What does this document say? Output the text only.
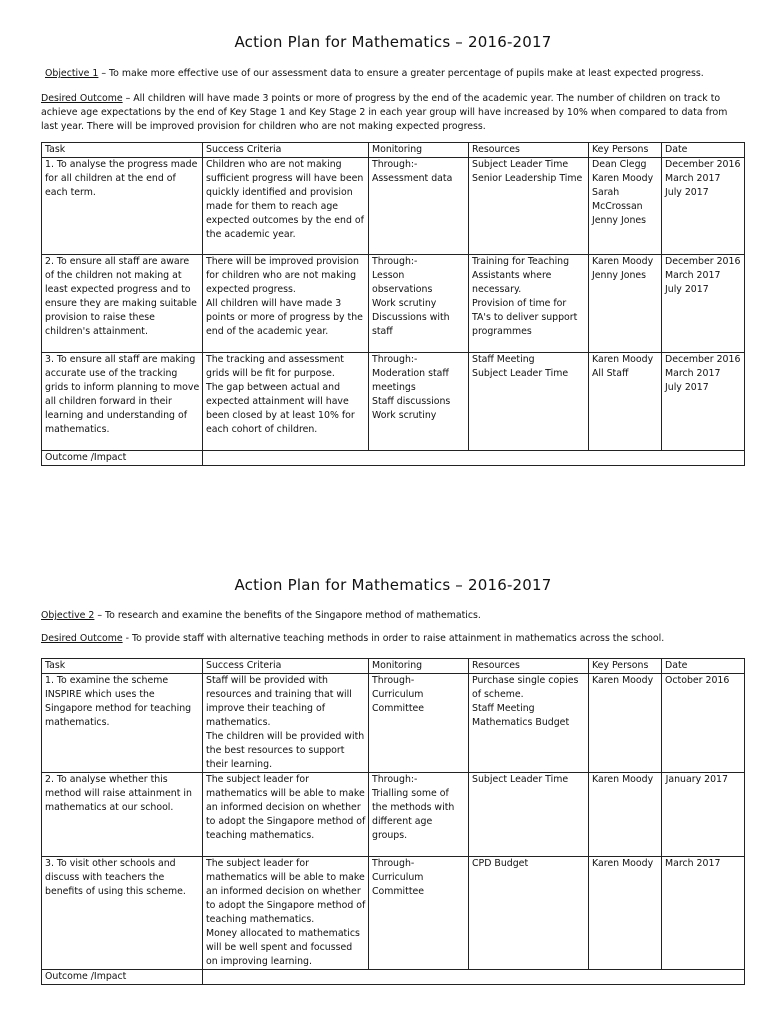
Action Plan for Mathematics – 2016-2017

Objective 1 – To make more effective use of our assessment data to ensure a greater percentage of pupils make at least expected progress.

Desired Outcome – All children will have made 3 points or more of progress by the end of the academic year. The number of children on track to achieve age expectations by the end of Key Stage 1 and Key Stage 2 in each year group will have increased by 10% when compared to data from last year. There will be improved provision for children who are not making expected progress.

Task	Success Criteria	Monitoring	Resources	Key Persons	Date
1. To analyse the progress made for all children at the end of each term.	Children who are not making sufficient progress will have been quickly identified and provision made for them to reach age expected outcomes by the end of the academic year.	Through:-
Assessment data	Subject Leader Time
Senior Leadership Time	Dean Clegg
Karen Moody
Sarah McCrossan
Jenny Jones	December 2016
March 2017
July 2017

2. To ensure all staff are aware of the children not making at least expected progress and to ensure they are making suitable provision to raise these children's attainment.	There will be improved provision for children who are not making expected progress.
All children will have made 3 points or more of progress by the end of the academic year.	Through:-
Lesson observations
Work scrutiny
Discussions with staff	Training for Teaching Assistants where necessary.
Provision of time for TA's to deliver support programmes	Karen Moody
Jenny Jones	December 2016
March 2017
July 2017

3. To ensure all staff are making accurate use of the tracking grids to inform planning to move all children forward in their learning and understanding of mathematics.	The tracking and assessment grids will be fit for purpose.
The gap between actual and expected attainment will have been closed by at least 10% for each cohort of children.	Through:-
Moderation staff meetings
Staff discussions
Work scrutiny	Staff Meeting
Subject Leader Time	Karen Moody
All Staff	December 2016
March 2017
July 2017

Outcome /Impact					
Action Plan for Mathematics – 2016-2017

Objective 2 – To research and examine the benefits of the Singapore method of mathematics.

Desired Outcome - To provide staff with alternative teaching methods in order to raise attainment in mathematics across the school.

Task	Success Criteria	Monitoring	Resources	Key Persons	Date
1. To examine the scheme INSPIRE which uses the Singapore method for teaching mathematics.	Staff will be provided with resources and training that will improve their teaching of mathematics.
The children will be provided with the best resources to support their learning.	Through-
Curriculum Committee	Purchase single copies of scheme.
Staff Meeting
Mathematics Budget	Karen Moody	October 2016

2. To analyse whether this method will raise attainment in mathematics at our school.	The subject leader for mathematics will be able to make an informed decision on whether to adopt the Singapore method of teaching mathematics.	Through:-
Trialling some of the methods with different age groups.	Subject Leader Time	Karen Moody	January 2017

3. To visit other schools and discuss with teachers the benefits of using this scheme.	The subject leader for mathematics will be able to make an informed decision on whether to adopt the Singapore method of teaching mathematics.
Money allocated to mathematics will be well spent and focussed on improving learning.	Through-
Curriculum Committee	CPD Budget	Karen Moody	March 2017

Outcome /Impact					
